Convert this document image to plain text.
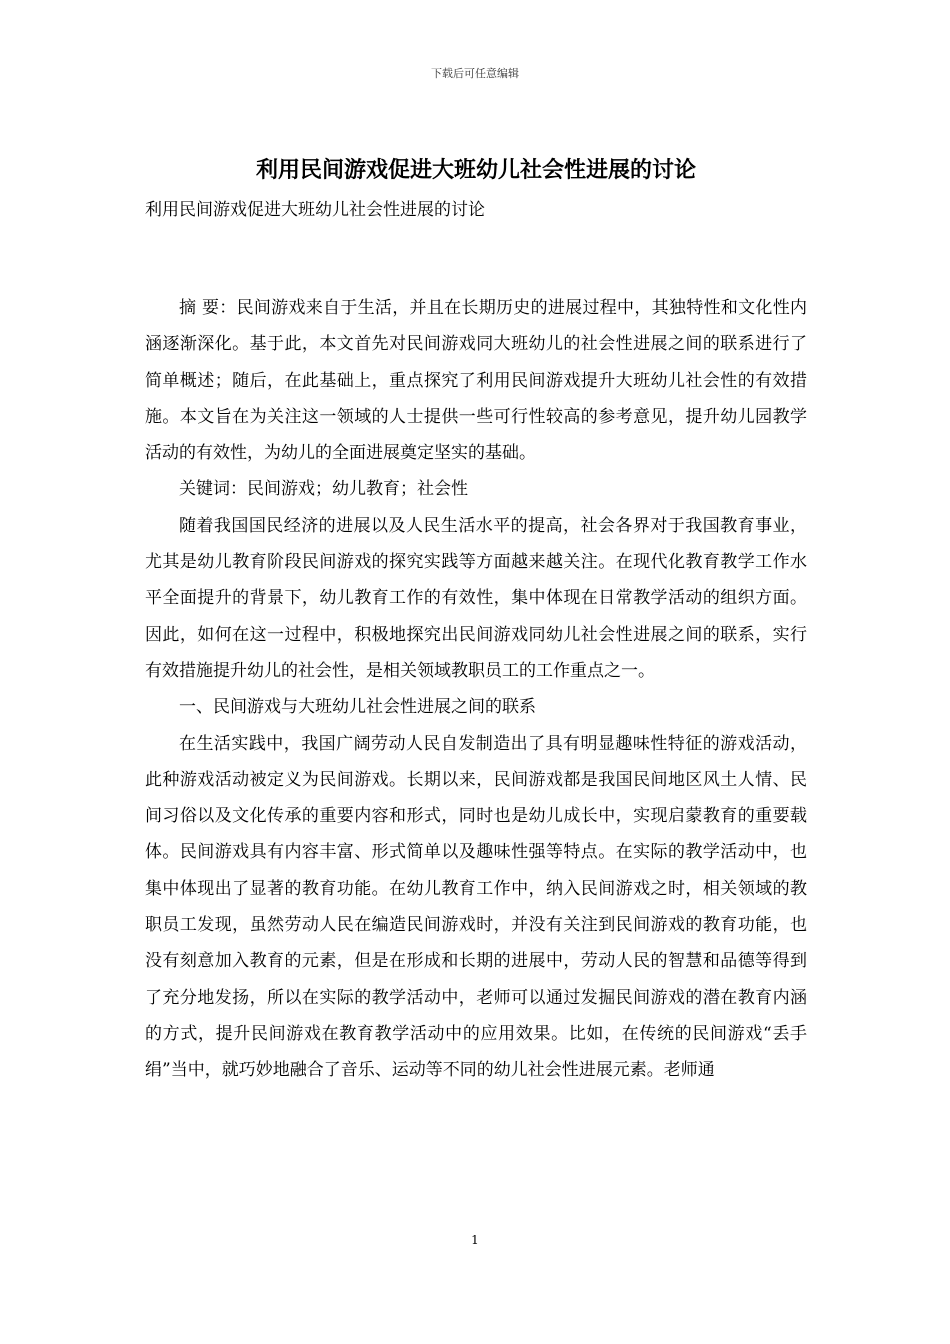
下载后可任意编辑
利用民间游戏促进大班幼儿社会性进展的讨论

利用民间游戏促进大班幼儿社会性进展的讨论

摘 要：民间游戏来自于生活，并且在长期历史的进展过程中，其独特性和文化性内涵逐渐深化。基于此，本文首先对民间游戏同大班幼儿的社会性进展之间的联系进行了简单概述；随后，在此基础上，重点探究了利用民间游戏提升大班幼儿社会性的有效措施。本文旨在为关注这一领域的人士提供一些可行性较高的参考意见，提升幼儿园教学活动的有效性，为幼儿的全面进展奠定坚实的基础。

关键词：民间游戏；幼儿教育；社会性

随着我国国民经济的进展以及人民生活水平的提高，社会各界对于我国教育事业，尤其是幼儿教育阶段民间游戏的探究实践等方面越来越关注。在现代化教育教学工作水平全面提升的背景下，幼儿教育工作的有效性，集中体现在日常教学活动的组织方面。因此，如何在这一过程中，积极地探究出民间游戏同幼儿社会性进展之间的联系，实行有效措施提升幼儿的社会性，是相关领域教职员工的工作重点之一。

一、民间游戏与大班幼儿社会性进展之间的联系

在生活实践中，我国广阔劳动人民自发制造出了具有明显趣味性特征的游戏活动，此种游戏活动被定义为民间游戏。长期以来，民间游戏都是我国民间地区风土人情、民间习俗以及文化传承的重要内容和形式，同时也是幼儿成长中，实现启蒙教育的重要载体。民间游戏具有内容丰富、形式简单以及趣味性强等特点。在实际的教学活动中，也集中体现出了显著的教育功能。在幼儿教育工作中，纳入民间游戏之时，相关领域的教职员工发现，虽然劳动人民在编造民间游戏时，并没有关注到民间游戏的教育功能，也没有刻意加入教育的元素，但是在形成和长期的进展中，劳动人民的智慧和品德等得到了充分地发扬，所以在实际的教学活动中，老师可以通过发掘民间游戏的潜在教育内涵的方式，提升民间游戏在教育教学活动中的应用效果。比如，在传统的民间游戏“丢手绢”当中，就巧妙地融合了音乐、运动等不同的幼儿社会性进展元素。老师通

1
